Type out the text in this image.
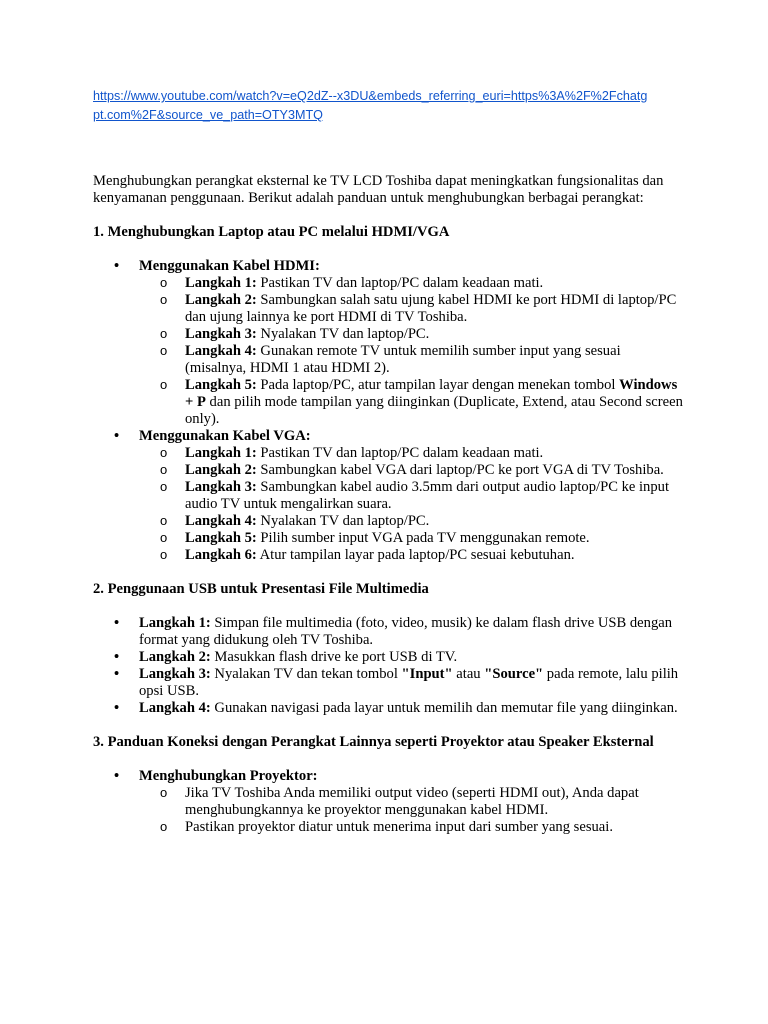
https://www.youtube.com/watch?v=eQ2dZ--x3DU&embeds_referring_euri=https%3A%2F%2Fchatgpt.com%2F&source_ve_path=OTY3MTQ

Menghubungkan perangkat eksternal ke TV LCD Toshiba dapat meningkatkan fungsionalitas dan kenyamanan penggunaan. Berikut adalah panduan untuk menghubungkan berbagai perangkat:

1. Menghubungkan Laptop atau PC melalui HDMI/VGA
• Menggunakan Kabel HDMI:
o Langkah 1: Pastikan TV dan laptop/PC dalam keadaan mati.
o Langkah 2: Sambungkan salah satu ujung kabel HDMI ke port HDMI di laptop/PC dan ujung lainnya ke port HDMI di TV Toshiba.
o Langkah 3: Nyalakan TV dan laptop/PC.
o Langkah 4: Gunakan remote TV untuk memilih sumber input yang sesuai (misalnya, HDMI 1 atau HDMI 2).
o Langkah 5: Pada laptop/PC, atur tampilan layar dengan menekan tombol Windows + P dan pilih mode tampilan yang diinginkan (Duplicate, Extend, atau Second screen only).
• Menggunakan Kabel VGA:
o Langkah 1: Pastikan TV dan laptop/PC dalam keadaan mati.
o Langkah 2: Sambungkan kabel VGA dari laptop/PC ke port VGA di TV Toshiba.
o Langkah 3: Sambungkan kabel audio 3.5mm dari output audio laptop/PC ke input audio TV untuk mengalirkan suara.
o Langkah 4: Nyalakan TV dan laptop/PC.
o Langkah 5: Pilih sumber input VGA pada TV menggunakan remote.
o Langkah 6: Atur tampilan layar pada laptop/PC sesuai kebutuhan.
2. Penggunaan USB untuk Presentasi File Multimedia
• Langkah 1: Simpan file multimedia (foto, video, musik) ke dalam flash drive USB dengan format yang didukung oleh TV Toshiba.
• Langkah 2: Masukkan flash drive ke port USB di TV.
• Langkah 3: Nyalakan TV dan tekan tombol "Input" atau "Source" pada remote, lalu pilih opsi USB.
• Langkah 4: Gunakan navigasi pada layar untuk memilih dan memutar file yang diinginkan.
3. Panduan Koneksi dengan Perangkat Lainnya seperti Proyektor atau Speaker Eksternal
• Menghubungkan Proyektor:
o Jika TV Toshiba Anda memiliki output video (seperti HDMI out), Anda dapat menghubungkannya ke proyektor menggunakan kabel HDMI.
o Pastikan proyektor diatur untuk menerima input dari sumber yang sesuai.
